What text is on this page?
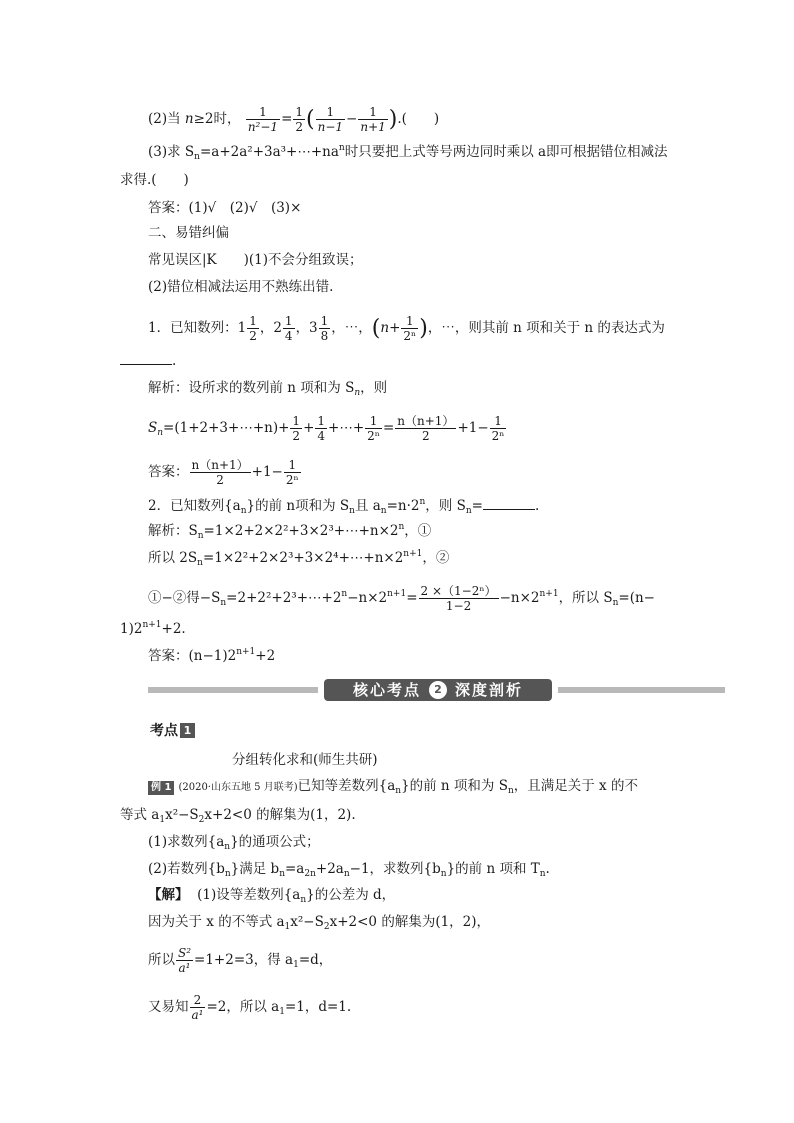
(2)当 n≥2时， $\frac{1}{\text{n²−1}} = \frac{1}{2}$ ( $\frac{1}{n-1} - \frac{1}{n+1}$ ).(　　)
(3)求 $S_n=a+2a^2+3a^3+\cdots+na^n$时只要把上式等号两边同时乘以 a即可根据错位相减法
求得.(　　)
答案：(1)√　(2)√　(3)×
二、易错纠偏
常见误区|K　　)(1)不会分组致误；
(2)错位相减法运用不熟练出错.
1．已知数列：$1 \frac{1}{2}$ ，$2 \frac{1}{4}$ ，$3 \frac{1}{8}$ ，⋯，($n+ \frac{1}{\text{2ⁿ}}$ )，⋯，则其前 n 项和关于 n 的表达式为
.
解析：设所求的数列前 n 项和为 $S_n$，则
$S_n=(1+2+3+\cdots+n)+ \frac{1}{2} + \frac{1}{4}$ +⋯+ $\frac{1}{\text{2ⁿ}} = \frac{n(n+1)}{2} +1- \frac{1}{\text{2ⁿ}}$
答案： $\frac{n(n+1)}{2} +1- \frac{1}{\text{2ⁿ}}$
2．已知数列$\{a_n\}$的前 n项和为 $S_n$且 $a_n=n\cdot 2^n$，则 $S_n=$	.
解析：$S_n=1\times 2+2\times 2^2+3\times 2^3+\cdots+n\times 2^n$，①
所以 $2S_n=1\times 2^2+2\times 2^3+3\times 2^4+\cdots+n\times 2^{n+1}$，②
①−②得$-S_n=2+2^2+2^3+\cdots+2^n-n\times 2^{n+1}= \frac{\text{2 ×（1−2ⁿ）}}{1-2} -n\times 2^{n+1}$，所以 $S_n=(n-$
$1)2^{n+1}+2$.
答案：$(n-1)2^{n+1}+2$
核心考点	2 深度剖析
考点 1
分组转化求和(师生共研)
例 1 (2020·山东五地 5 月联考)已知等差数列$\{a_n\}$的前 n 项和为 $S_n$，且满足关于 x 的不
等式 $a_1x^2-S_2x+2<0$ 的解集为(1，2).
(1)求数列$\{a_n\}$的通项公式；
(2)若数列$\{b_n\}$满足 $b_n=a_{2n}+2a_n-1$，求数列$\{b_n\}$的前 n 项和 $T_n$.
【解】 (1)设等差数列$\{a_n\}$的公差为 d，
因为关于 x 的不等式 $a_1x^2-S_2x+2<0$ 的解集为(1，2)，
所以 $\frac{\text{S²}}{\text{a¹}} =1+2=3$，得 $a_1=d$，
又易知 $\frac{2}{\text{a¹}} =2$，所以 $a_1=1$，d=1.
